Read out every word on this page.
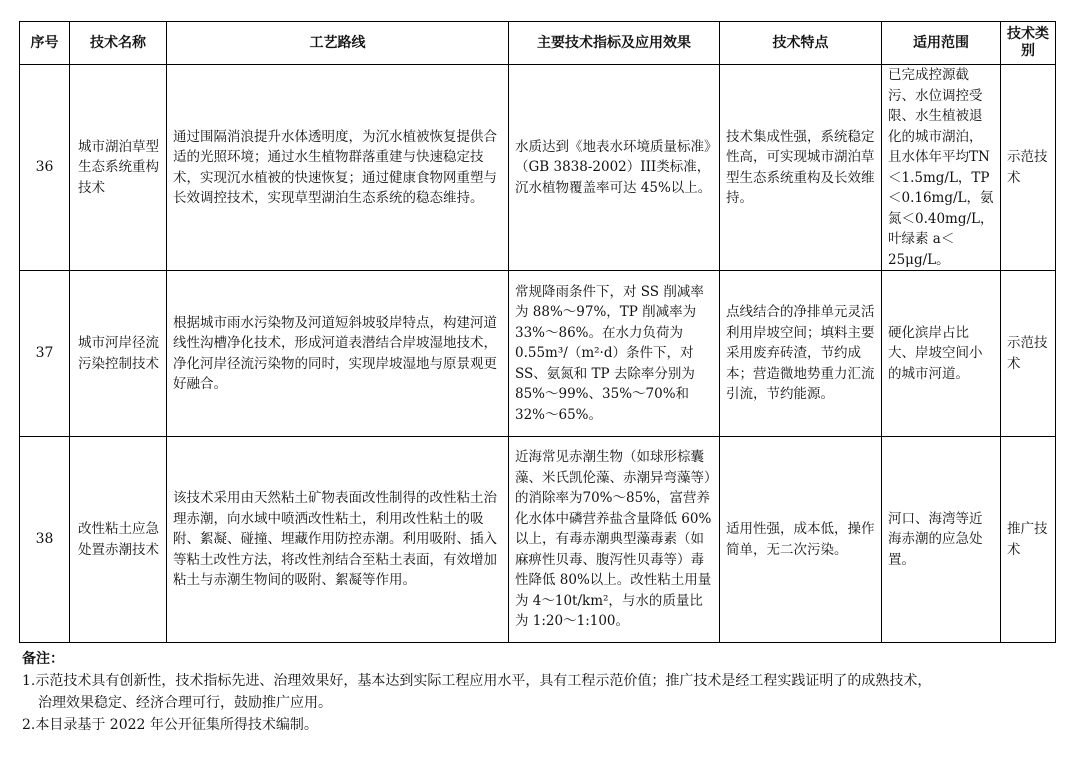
序号	技术名称	工艺路线	主要技术指标及应用效果	技术特点	适用范围	技术类别
36	城市湖泊草型生态系统重构技术	通过围隔消浪提升水体透明度，为沉水植被恢复提供合适的光照环境；通过水生植物群落重建与快速稳定技术，实现沉水植被的快速恢复；通过健康食物网重塑与长效调控技术，实现草型湖泊生态系统的稳态维持。	水质达到《地表水环境质量标准》（GB 3838-2002）III类标准，沉水植物覆盖率可达 45%以上。	技术集成性强，系统稳定性高，可实现城市湖泊草型生态系统重构及长效维持。	已完成控源截污、水位调控受限、水生植被退化的城市湖泊，且水体年平均TN＜1.5mg/L，TP＜0.16mg/L，氨氮＜0.40mg/L，叶绿素 a＜25μg/L。	示范技术
37	城市河岸径流污染控制技术	根据城市雨水污染物及河道短斜坡驳岸特点，构建河道线性沟槽净化技术，形成河道表潜结合岸坡湿地技术，净化河岸径流污染物的同时，实现岸坡湿地与原景观更好融合。	常规降雨条件下，对 SS 削减率为 88%～97%，TP 削减率为 33%～86%。在水力负荷为 0.55m³/（m²·d）条件下，对 SS、氨氮和 TP 去除率分别为 85%～99%、35%～70%和 32%～65%。	点线结合的净排单元灵活利用岸坡空间；填料主要采用废弃砖渣，节约成本；营造微地势重力汇流引流，节约能源。	硬化滨岸占比大、岸坡空间小的城市河道。	示范技术
38	改性粘土应急处置赤潮技术	该技术采用由天然粘土矿物表面改性制得的改性粘土治理赤潮，向水域中喷洒改性粘土，利用改性粘土的吸附、絮凝、碰撞、埋藏作用防控赤潮。利用吸附、插入等粘土改性方法，将改性剂结合至粘土表面，有效增加粘土与赤潮生物间的吸附、絮凝等作用。	近海常见赤潮生物（如球形棕囊藻、米氏凯伦藻、赤潮异弯藻等）的消除率为70%～85%，富营养化水体中磷营养盐含量降低 60%以上，有毒赤潮典型藻毒素（如麻痹性贝毒、腹泻性贝毒等）毒性降低 80%以上。改性粘土用量为 4～10t/km²，与水的质量比为 1:20～1:100。	适用性强，成本低，操作简单，无二次污染。	河口、海湾等近海赤潮的应急处置。	推广技术

备注：

1.示范技术具有创新性，技术指标先进、治理效果好，基本达到实际工程应用水平，具有工程示范价值；推广技术是经工程实践证明了的成熟技术，

治理效果稳定、经济合理可行，鼓励推广应用。

2.本目录基于 2022 年公开征集所得技术编制。
